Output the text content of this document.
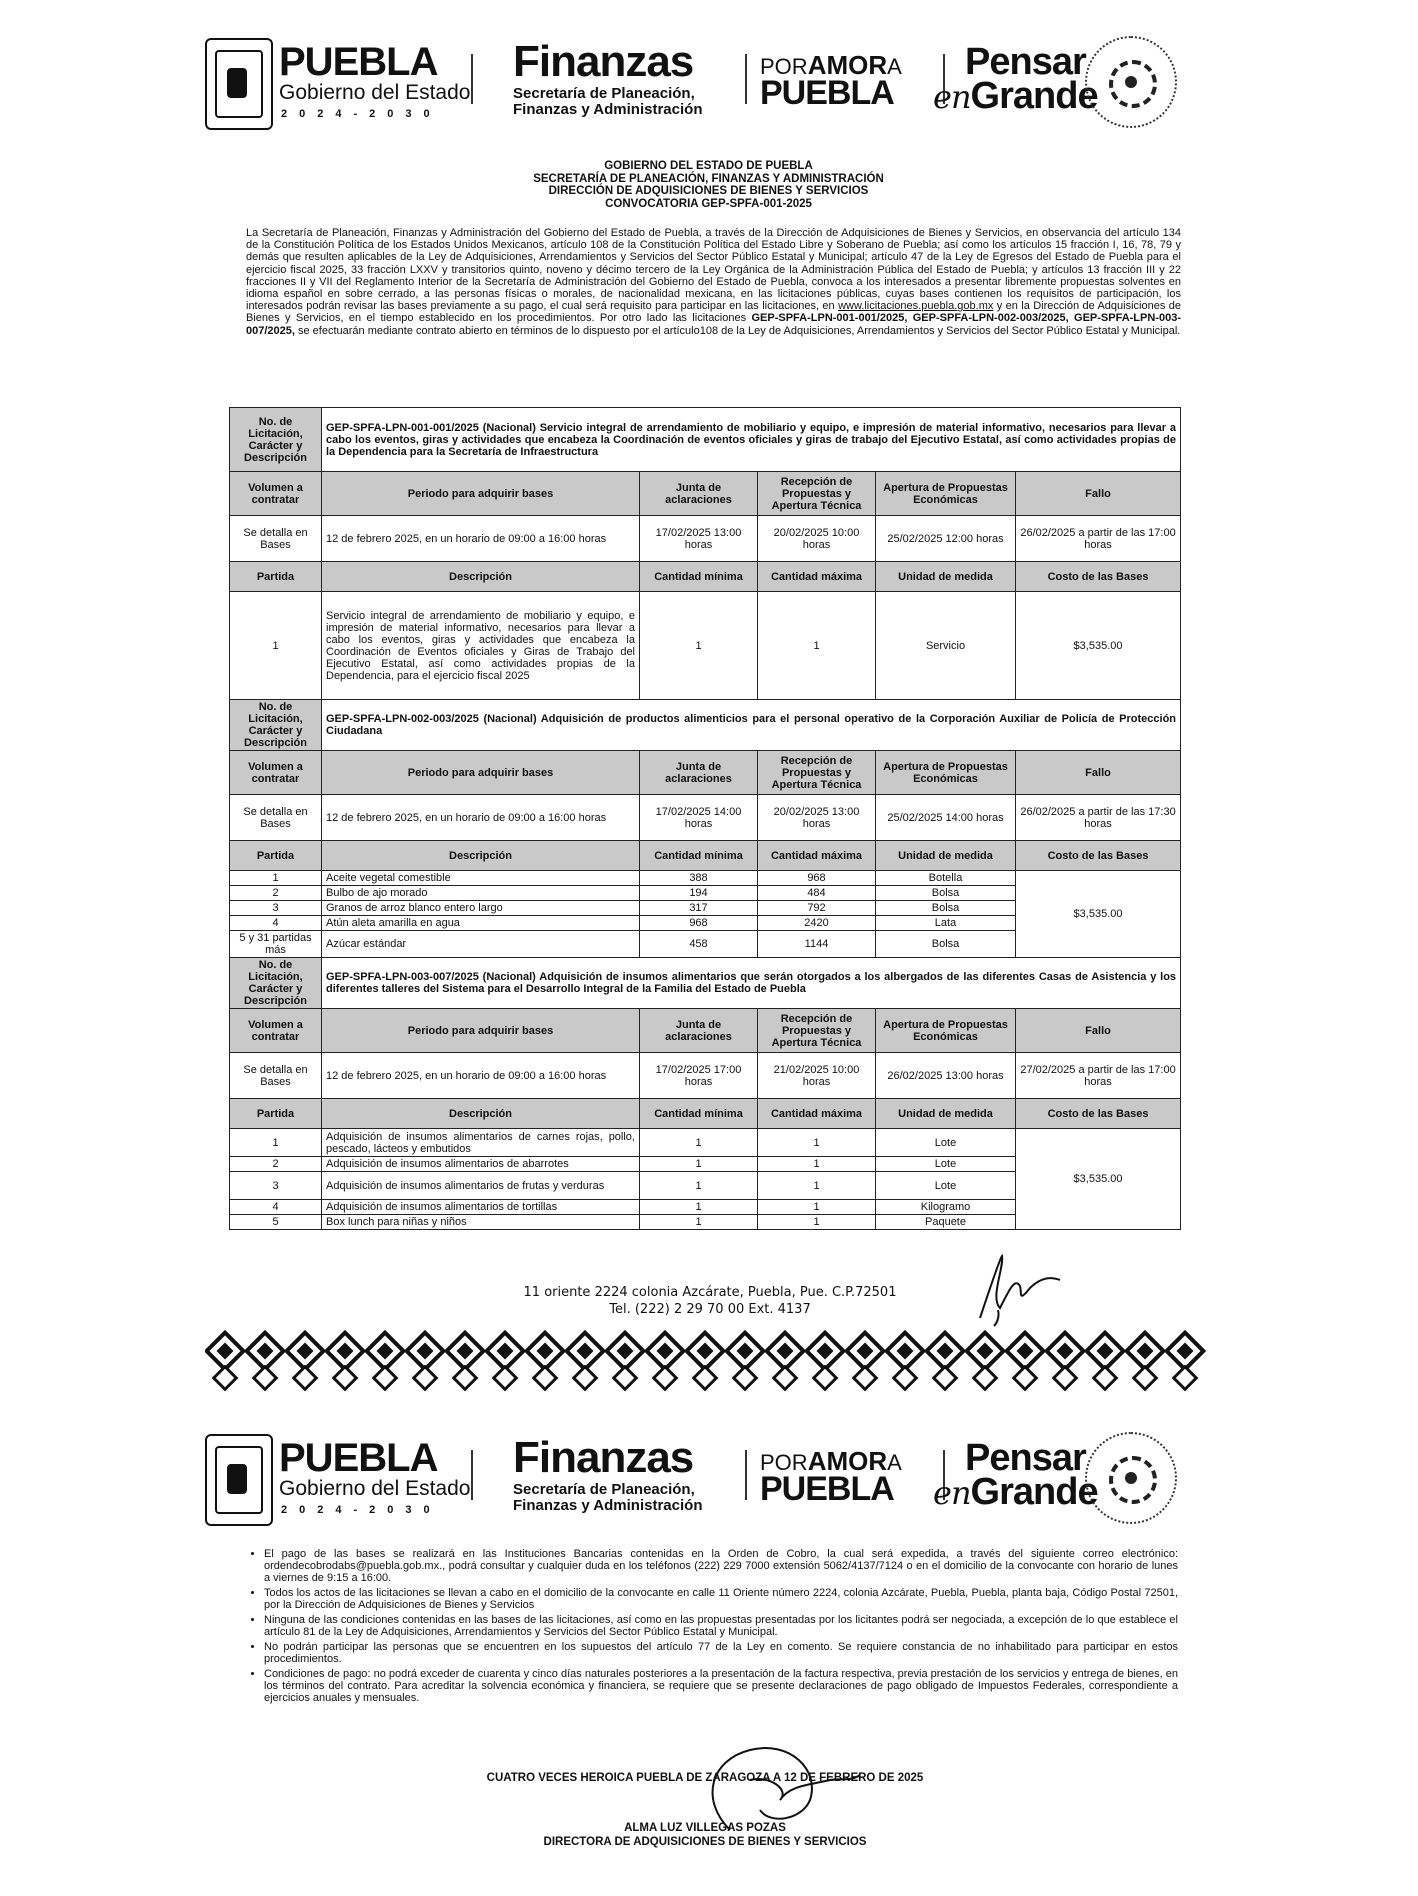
PUEBLA
Gobierno del Estado
2024-2030
Finanzas
Secretaría de Planeación,
Finanzas y Administración
PORAMORA
PUEBLA
Pensar
enGrande
GOBIERNO DEL ESTADO DE PUEBLA
SECRETARÍA DE PLANEACIÓN, FINANZAS Y ADMINISTRACIÓN
DIRECCIÓN DE ADQUISICIONES DE BIENES Y SERVICIOS
CONVOCATORIA GEP-SPFA-001-2025
La Secretaría de Planeación, Finanzas y Administración del Gobierno del Estado de Puebla, a través de la Dirección de Adquisiciones de Bienes y Servicios, en observancia del artículo 134 de la Constitución Política de los Estados Unidos Mexicanos, artículo 108 de la Constitución Política del Estado Libre y Soberano de Puebla; así como los artículos 15 fracción I, 16, 78, 79 y demás que resulten aplicables de la Ley de Adquisiciones, Arrendamientos y Servicios del Sector Público Estatal y Municipal; artículo 47 de la Ley de Egresos del Estado de Puebla para el ejercicio fiscal 2025, 33 fracción LXXV y transitorios quinto, noveno y décimo tercero de la Ley Orgánica de la Administración Pública del Estado de Puebla; y artículos 13 fracción III y 22 fracciones II y VII del Reglamento Interior de la Secretaría de Administración del Gobierno del Estado de Puebla, convoca a los interesados a presentar libremente propuestas solventes en idioma español en sobre cerrado, a las personas físicas o morales, de nacionalidad mexicana, en las licitaciones públicas, cuyas bases contienen los requisitos de participación, los interesados podrán revisar las bases previamente a su pago, el cual será requisito para participar en las licitaciones, en www.licitaciones.puebla.gob.mx y en la Dirección de Adquisiciones de Bienes y Servicios, en el tiempo establecido en los procedimientos. Por otro lado las licitaciones GEP-SPFA-LPN-001-001/2025, GEP-SPFA-LPN-002-003/2025, GEP-SPFA-LPN-003-007/2025, se efectuarán mediante contrato abierto en términos de lo dispuesto por el artículo108 de la Ley de Adquisiciones, Arrendamientos y Servicios del Sector Público Estatal y Municipal.
No. de Licitación, Carácter y Descripción	GEP-SPFA-LPN-001-001/2025 (Nacional) Servicio integral de arrendamiento de mobiliario y equipo, e impresión de material informativo, necesarios para llevar a cabo los eventos, giras y actividades que encabeza la Coordinación de eventos oficiales y giras de trabajo del Ejecutivo Estatal, así como actividades propias de la Dependencia para la Secretaría de Infraestructura				
Volumen a contratar	Periodo para adquirir bases	Junta de aclaraciones	Recepción de Propuestas y Apertura Técnica	Apertura de Propuestas Económicas	Fallo
Se detalla en Bases	12 de febrero 2025, en un horario de 09:00 a 16:00 horas	17/02/2025 13:00 horas	20/02/2025 10:00 horas	25/02/2025 12:00 horas	26/02/2025 a partir de las 17:00 horas
Partida	Descripción	Cantidad mínima	Cantidad máxima	Unidad de medida	Costo de las Bases
1	Servicio integral de arrendamiento de mobiliario y equipo, e impresión de material informativo, necesarios para llevar a cabo los eventos, giras y actividades que encabeza la Coordinación de Eventos oficiales y Giras de Trabajo del Ejecutivo Estatal, así como actividades propias de la Dependencia, para el ejercicio fiscal 2025	1	1	Servicio	$3,535.00
No. de Licitación, Carácter y Descripción	GEP-SPFA-LPN-002-003/2025 (Nacional) Adquisición de productos alimenticios para el personal operativo de la Corporación Auxiliar de Policía de Protección Ciudadana				
Volumen a contratar	Periodo para adquirir bases	Junta de aclaraciones	Recepción de Propuestas y Apertura Técnica	Apertura de Propuestas Económicas	Fallo
Se detalla en Bases	12 de febrero 2025, en un horario de 09:00 a 16:00 horas	17/02/2025 14:00 horas	20/02/2025 13:00 horas	25/02/2025 14:00 horas	26/02/2025 a partir de las 17:30 horas
Partida	Descripción	Cantidad mínima	Cantidad máxima	Unidad de medida	Costo de las Bases
1	Aceite vegetal comestible	388	968	Botella	$3,535.00
2	Bulbo de ajo morado	194	484	Bolsa	
3	Granos de arroz blanco entero largo	317	792	Bolsa	
4	Atún aleta amarilla en agua	968	2420	Lata	
5 y 31 partidas más	Azúcar estándar	458	1144	Bolsa	
No. de Licitación, Carácter y Descripción	GEP-SPFA-LPN-003-007/2025 (Nacional) Adquisición de insumos alimentarios que serán otorgados a los albergados de las diferentes Casas de Asistencia y los diferentes talleres del Sistema para el Desarrollo Integral de la Familia del Estado de Puebla				
Volumen a contratar	Periodo para adquirir bases	Junta de aclaraciones	Recepción de Propuestas y Apertura Técnica	Apertura de Propuestas Económicas	Fallo
Se detalla en Bases	12 de febrero 2025, en un horario de 09:00 a 16:00 horas	17/02/2025 17:00 horas	21/02/2025 10:00 horas	26/02/2025 13:00 horas	27/02/2025 a partir de las 17:00 horas
Partida	Descripción	Cantidad mínima	Cantidad máxima	Unidad de medida	Costo de las Bases
1	Adquisición de insumos alimentarios de carnes rojas, pollo, pescado, lácteos y embutidos	1	1	Lote	$3,535.00
2	Adquisición de insumos alimentarios de abarrotes	1	1	Lote	
3	Adquisición de insumos alimentarios de frutas y verduras	1	1	Lote	
4	Adquisición de insumos alimentarios de tortillas	1	1	Kilogramo	
5	Box lunch para niñas y niños	1	1	Paquete	
11 oriente 2224 colonia Azcárate, Puebla, Pue. C.P.72501
Tel. (222) 2 29 70 00 Ext. 4137
PUEBLA
Gobierno del Estado
2024-2030
Finanzas
Secretaría de Planeación,
Finanzas y Administración
PORAMORA
PUEBLA
Pensar
enGrande
• El pago de las bases se realizará en las Instituciones Bancarias contenidas en la Orden de Cobro, la cual será expedida, a través del siguiente correo electrónico: ordendecobrodabs@puebla.gob.mx., podrá consultar y cualquier duda en los teléfonos (222) 229 7000 extensión 5062/4137/7124 o en el domicilio de la convocante con horario de lunes a viernes de 9:15 a 16:00.
• Todos los actos de las licitaciones se llevan a cabo en el domicilio de la convocante en calle 11 Oriente número 2224, colonia Azcárate, Puebla, Puebla, planta baja, Código Postal 72501, por la Dirección de Adquisiciones de Bienes y Servicios
• Ninguna de las condiciones contenidas en las bases de las licitaciones, así como en las propuestas presentadas por los licitantes podrá ser negociada, a excepción de lo que establece el artículo 81 de la Ley de Adquisiciones, Arrendamientos y Servicios del Sector Público Estatal y Municipal.
• No podrán participar las personas que se encuentren en los supuestos del artículo 77 de la Ley en comento. Se requiere constancia de no inhabilitado para participar en estos procedimientos.
• Condiciones de pago: no podrá exceder de cuarenta y cinco días naturales posteriores a la presentación de la factura respectiva, previa prestación de los servicios y entrega de bienes, en los términos del contrato. Para acreditar la solvencia económica y financiera, se requiere que se presente declaraciones de pago obligado de Impuestos Federales, correspondiente a ejercicios anuales y mensuales.
CUATRO VECES HEROICA PUEBLA DE ZARAGOZA A 12 DE FEBRERO DE 2025
ALMA LUZ VILLEGAS POZAS
DIRECTORA DE ADQUISICIONES DE BIENES Y SERVICIOS
